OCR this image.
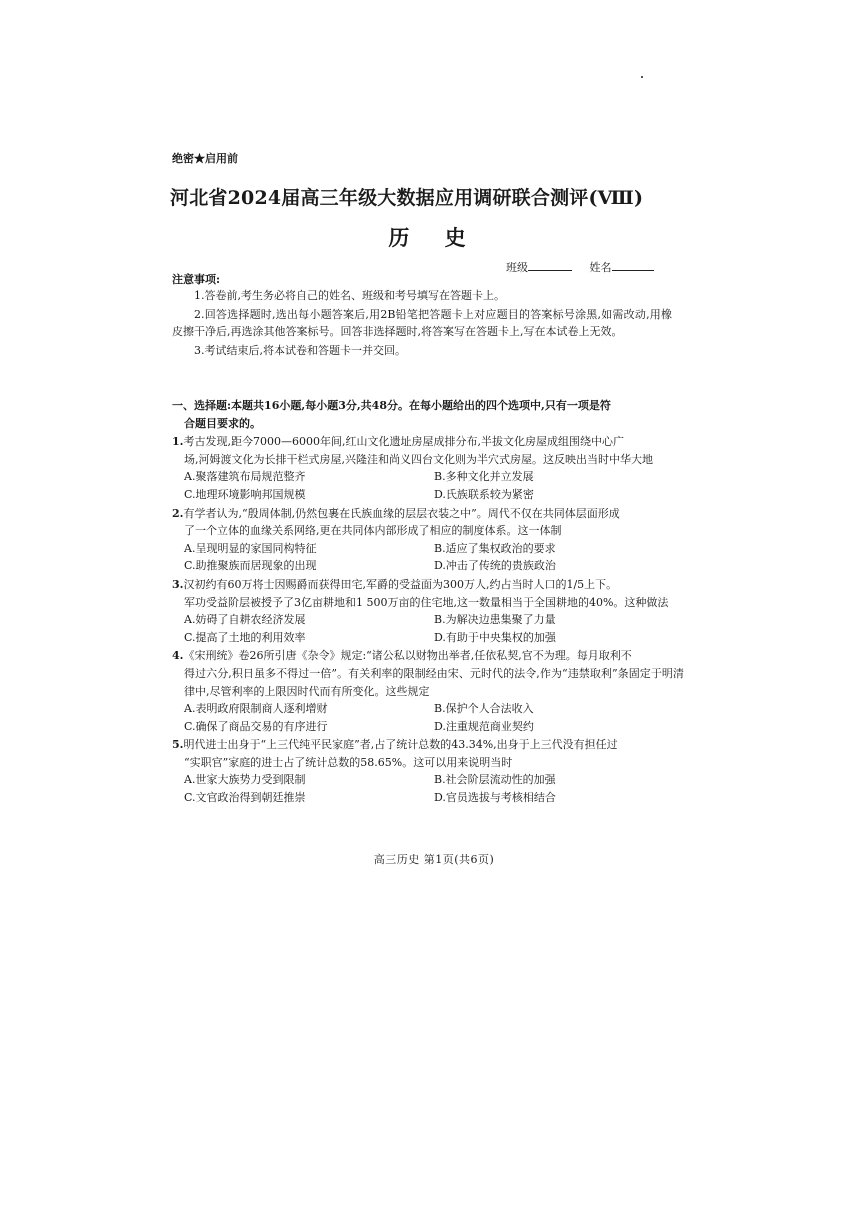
绝密★启用前
河北省2024届高三年级大数据应用调研联合测评(Ⅷ)
历 史
班级	姓名
注意事项:

1.答卷前,考生务必将自己的姓名、班级和考号填写在答题卡上。

2.回答选择题时,选出每小题答案后,用2B铅笔把答题卡上对应题目的答案标号涂黑,如需改动,用橡皮擦干净后,再选涂其他答案标号。回答非选择题时,将答案写在答题卡上,写在本试卷上无效。

3.考试结束后,将本试卷和答题卡一并交回。

一、选择题:本题共16小题,每小题3分,共48分。在每小题给出的四个选项中,只有一项是符
合题目要求的。
1.考古发现,距今7000—6000年间,红山文化遗址房屋成排分布,半拔文化房屋成组围绕中心广
场,河姆渡文化为长排干栏式房屋,兴隆洼和尚义四台文化则为半穴式房屋。这反映出当时中华大地
A.聚落建筑布局规范整齐	B.多种文化并立发展
C.地理环境影响邦国规模	D.氏族联系较为紧密
2.有学者认为,“殷周体制,仍然包裹在氏族血缘的层层衣装之中”。周代不仅在共同体层面形成
了一个立体的血缘关系网络,更在共同体内部形成了相应的制度体系。这一体制
A.呈现明显的家国同构特征	B.适应了集权政治的要求
C.助推聚族而居现象的出现	D.冲击了传统的贵族政治
3.汉初约有60万将士因赐爵而获得田宅,军爵的受益面为300万人,约占当时人口的1/5上下。
军功受益阶层被授予了3亿亩耕地和1 500万亩的住宅地,这一数量相当于全国耕地的40%。这种做法
A.妨碍了自耕农经济发展	B.为解决边患集聚了力量
C.提高了土地的利用效率	D.有助于中央集权的加强
4.《宋刑统》卷26所引唐《杂令》规定:“诸公私以财物出举者,任依私契,官不为理。每月取利不
得过六分,积日虽多不得过一倍”。有关利率的限制经由宋、元时代的法令,作为“违禁取利”条固定于明清律中,尽管利率的上限因时代而有所变化。这些规定
A.表明政府限制商人逐利增财	B.保护个人合法收入
C.确保了商品交易的有序进行	D.注重规范商业契约
5.明代进士出身于“上三代纯平民家庭”者,占了统计总数的43.34%,出身于上三代没有担任过
“实职官”家庭的进士占了统计总数的58.65%。这可以用来说明当时
A.世家大族势力受到限制	B.社会阶层流动性的加强
C.文官政治得到朝廷推崇	D.官员选拔与考核相结合
高三历史 第1页(共6页)
